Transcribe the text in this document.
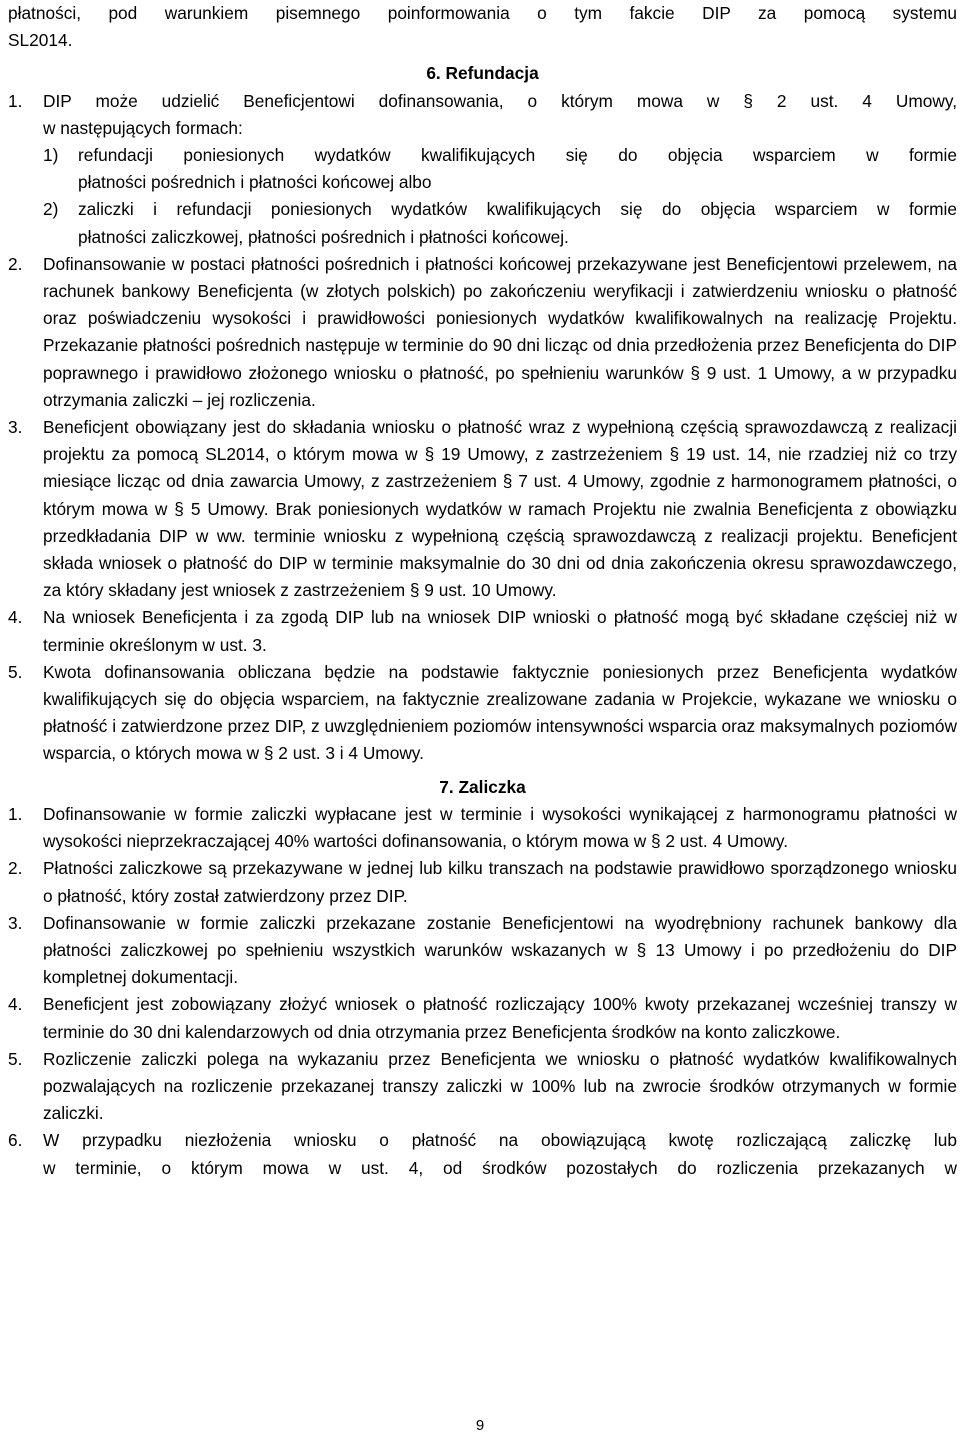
płatności, pod warunkiem pisemnego poinformowania o tym fakcie DIP za pomocą systemu

SL2014.

6. Refundacja

1. DIP może udzielić Beneficjentowi dofinansowania, o którym mowa w § 2 ust. 4 Umowy,

w następujących formach:

1) refundacji poniesionych wydatków kwalifikujących się do objęcia wsparciem w formie

płatności pośrednich i płatności końcowej albo

2) zaliczki i refundacji poniesionych wydatków kwalifikujących się do objęcia wsparciem w formie

płatności zaliczkowej, płatności pośrednich i płatności końcowej.

2. Dofinansowanie w postaci płatności pośrednich i płatności końcowej przekazywane jest Beneficjentowi przelewem, na rachunek bankowy Beneficjenta (w złotych polskich) po zakończeniu weryfikacji i zatwierdzeniu wniosku o płatność oraz poświadczeniu wysokości i prawidłowości poniesionych wydatków kwalifikowalnych na realizację Projektu. Przekazanie płatności pośrednich następuje w terminie do 90 dni licząc od dnia przedłożenia przez Beneficjenta do DIP poprawnego i prawidłowo złożonego wniosku o płatność, po spełnieniu warunków § 9 ust. 1 Umowy, a w przypadku otrzymania zaliczki – jej rozliczenia.

3. Beneficjent obowiązany jest do składania wniosku o płatność wraz z wypełnioną częścią sprawozdawczą z realizacji projektu za pomocą SL2014, o którym mowa w § 19 Umowy, z zastrzeżeniem § 19 ust. 14, nie rzadziej niż co trzy miesiące licząc od dnia zawarcia Umowy, z zastrzeżeniem § 7 ust. 4 Umowy, zgodnie z harmonogramem płatności, o którym mowa w § 5 Umowy. Brak poniesionych wydatków w ramach Projektu nie zwalnia Beneficjenta z obowiązku przedkładania DIP w ww. terminie wniosku z wypełnioną częścią sprawozdawczą z realizacji projektu. Beneficjent składa wniosek o płatność do DIP w terminie maksymalnie do 30 dni od dnia zakończenia okresu sprawozdawczego, za który składany jest wniosek z zastrzeżeniem § 9 ust. 10 Umowy.

4. Na wniosek Beneficjenta i za zgodą DIP lub na wniosek DIP wnioski o płatność mogą być składane częściej niż w terminie określonym w ust. 3.

5. Kwota dofinansowania obliczana będzie na podstawie faktycznie poniesionych przez Beneficjenta wydatków kwalifikujących się do objęcia wsparciem, na faktycznie zrealizowane zadania w Projekcie, wykazane we wniosku o płatność i zatwierdzone przez DIP, z uwzględnieniem poziomów intensywności wsparcia oraz maksymalnych poziomów wsparcia, o których mowa w § 2 ust. 3 i 4 Umowy.

7. Zaliczka

1. Dofinansowanie w formie zaliczki wypłacane jest w terminie i wysokości wynikającej z harmonogramu płatności w wysokości nieprzekraczającej 40% wartości dofinansowania, o którym mowa w § 2 ust. 4 Umowy.

2. Płatności zaliczkowe są przekazywane w jednej lub kilku transzach na podstawie prawidłowo sporządzonego wniosku o płatność, który został zatwierdzony przez DIP.

3. Dofinansowanie w formie zaliczki przekazane zostanie Beneficjentowi na wyodrębniony rachunek bankowy dla płatności zaliczkowej po spełnieniu wszystkich warunków wskazanych w § 13 Umowy i po przedłożeniu do DIP kompletnej dokumentacji.

4. Beneficjent jest zobowiązany złożyć wniosek o płatność rozliczający 100% kwoty przekazanej wcześniej transzy w terminie do 30 dni kalendarzowych od dnia otrzymania przez Beneficjenta środków na konto zaliczkowe.

5. Rozliczenie zaliczki polega na wykazaniu przez Beneficjenta we wniosku o płatność wydatków kwalifikowalnych pozwalających na rozliczenie przekazanej transzy zaliczki w 100% lub na zwrocie środków otrzymanych w formie zaliczki.

6. W przypadku niezłożenia wniosku o płatność na obowiązującą kwotę rozliczającą zaliczkę lub

w terminie, o którym mowa w ust. 4, od środków pozostałych do rozliczenia przekazanych w

9
